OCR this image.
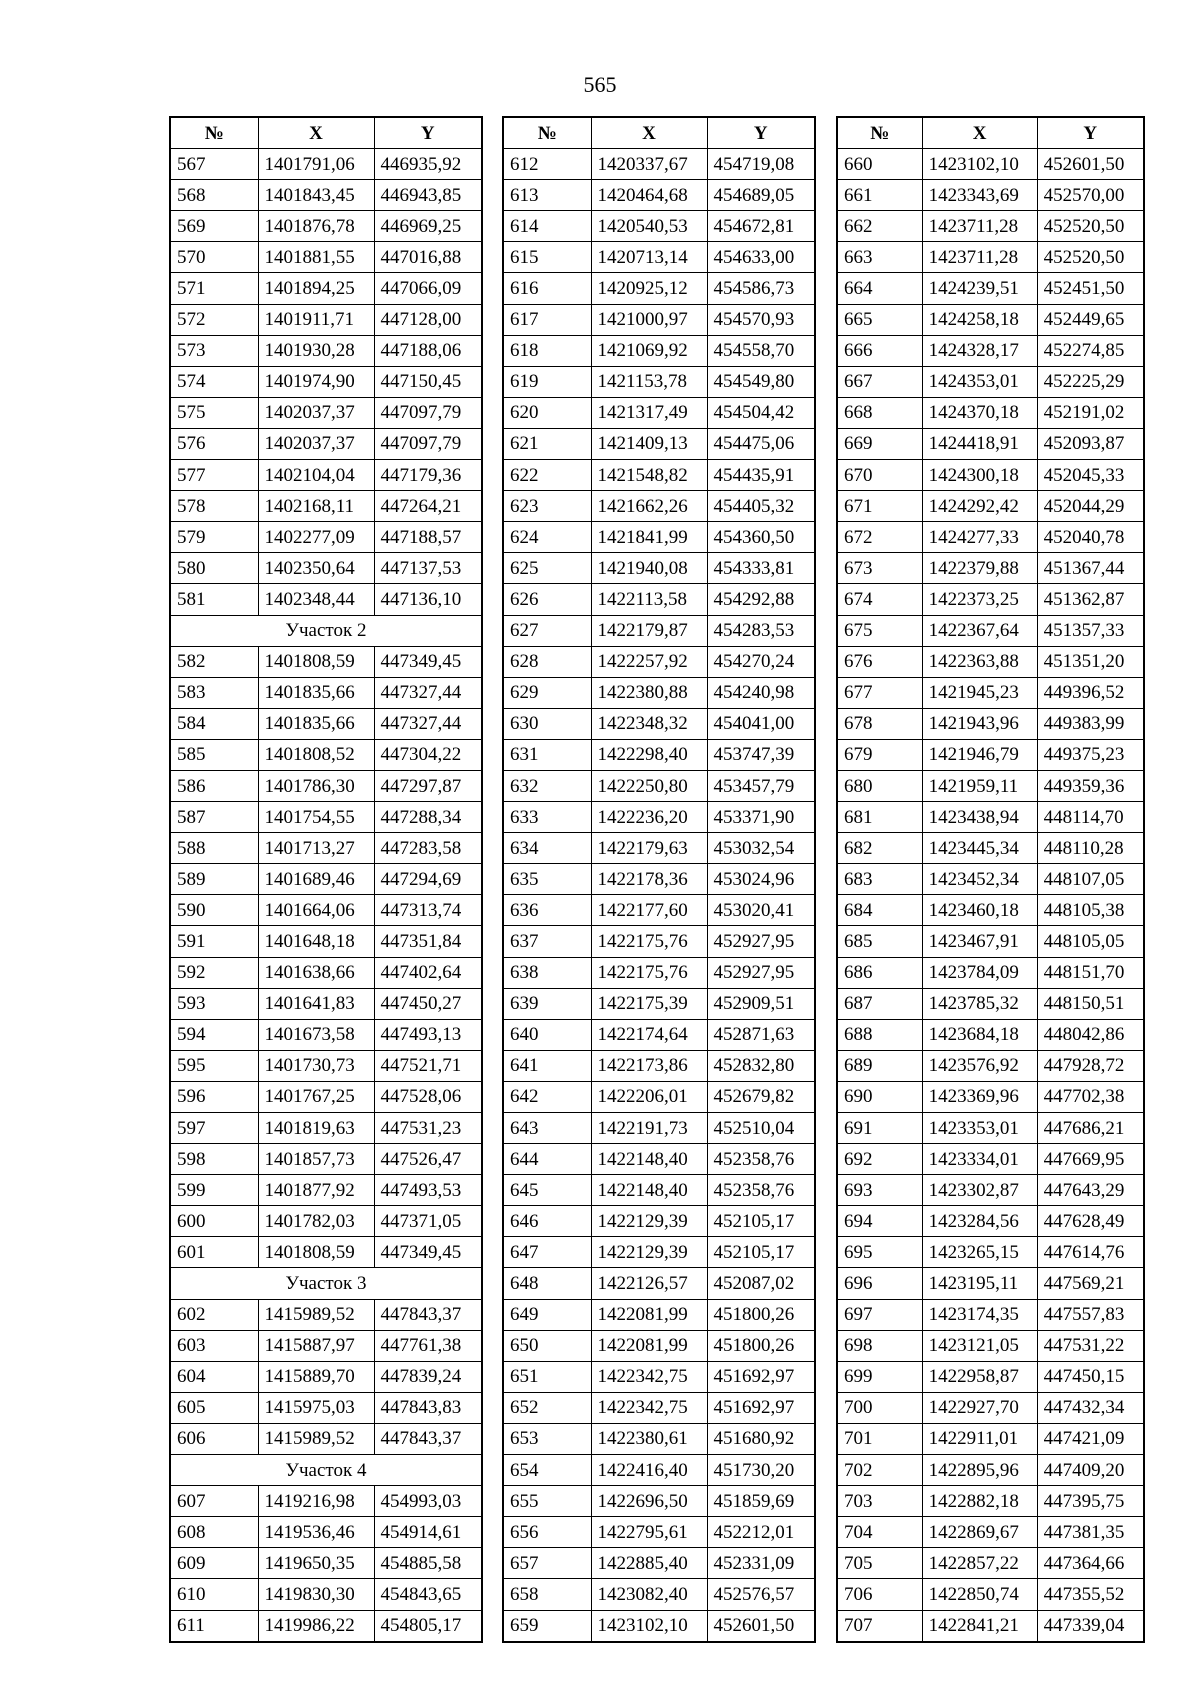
565
№	X	Y
567	1401791,06	446935,92
568	1401843,45	446943,85
569	1401876,78	446969,25
570	1401881,55	447016,88
571	1401894,25	447066,09
572	1401911,71	447128,00
573	1401930,28	447188,06
574	1401974,90	447150,45
575	1402037,37	447097,79
576	1402037,37	447097,79
577	1402104,04	447179,36
578	1402168,11	447264,21
579	1402277,09	447188,57
580	1402350,64	447137,53
581	1402348,44	447136,10
Участок 2		
582	1401808,59	447349,45
583	1401835,66	447327,44
584	1401835,66	447327,44
585	1401808,52	447304,22
586	1401786,30	447297,87
587	1401754,55	447288,34
588	1401713,27	447283,58
589	1401689,46	447294,69
590	1401664,06	447313,74
591	1401648,18	447351,84
592	1401638,66	447402,64
593	1401641,83	447450,27
594	1401673,58	447493,13
595	1401730,73	447521,71
596	1401767,25	447528,06
597	1401819,63	447531,23
598	1401857,73	447526,47
599	1401877,92	447493,53
600	1401782,03	447371,05
601	1401808,59	447349,45
Участок 3		
602	1415989,52	447843,37
603	1415887,97	447761,38
604	1415889,70	447839,24
605	1415975,03	447843,83
606	1415989,52	447843,37
Участок 4		
607	1419216,98	454993,03
608	1419536,46	454914,61
609	1419650,35	454885,58
610	1419830,30	454843,65
611	1419986,22	454805,17
№	X	Y
612	1420337,67	454719,08
613	1420464,68	454689,05
614	1420540,53	454672,81
615	1420713,14	454633,00
616	1420925,12	454586,73
617	1421000,97	454570,93
618	1421069,92	454558,70
619	1421153,78	454549,80
620	1421317,49	454504,42
621	1421409,13	454475,06
622	1421548,82	454435,91
623	1421662,26	454405,32
624	1421841,99	454360,50
625	1421940,08	454333,81
626	1422113,58	454292,88
627	1422179,87	454283,53
628	1422257,92	454270,24
629	1422380,88	454240,98
630	1422348,32	454041,00
631	1422298,40	453747,39
632	1422250,80	453457,79
633	1422236,20	453371,90
634	1422179,63	453032,54
635	1422178,36	453024,96
636	1422177,60	453020,41
637	1422175,76	452927,95
638	1422175,76	452927,95
639	1422175,39	452909,51
640	1422174,64	452871,63
641	1422173,86	452832,80
642	1422206,01	452679,82
643	1422191,73	452510,04
644	1422148,40	452358,76
645	1422148,40	452358,76
646	1422129,39	452105,17
647	1422129,39	452105,17
648	1422126,57	452087,02
649	1422081,99	451800,26
650	1422081,99	451800,26
651	1422342,75	451692,97
652	1422342,75	451692,97
653	1422380,61	451680,92
654	1422416,40	451730,20
655	1422696,50	451859,69
656	1422795,61	452212,01
657	1422885,40	452331,09
658	1423082,40	452576,57
659	1423102,10	452601,50
№	X	Y
660	1423102,10	452601,50
661	1423343,69	452570,00
662	1423711,28	452520,50
663	1423711,28	452520,50
664	1424239,51	452451,50
665	1424258,18	452449,65
666	1424328,17	452274,85
667	1424353,01	452225,29
668	1424370,18	452191,02
669	1424418,91	452093,87
670	1424300,18	452045,33
671	1424292,42	452044,29
672	1424277,33	452040,78
673	1422379,88	451367,44
674	1422373,25	451362,87
675	1422367,64	451357,33
676	1422363,88	451351,20
677	1421945,23	449396,52
678	1421943,96	449383,99
679	1421946,79	449375,23
680	1421959,11	449359,36
681	1423438,94	448114,70
682	1423445,34	448110,28
683	1423452,34	448107,05
684	1423460,18	448105,38
685	1423467,91	448105,05
686	1423784,09	448151,70
687	1423785,32	448150,51
688	1423684,18	448042,86
689	1423576,92	447928,72
690	1423369,96	447702,38
691	1423353,01	447686,21
692	1423334,01	447669,95
693	1423302,87	447643,29
694	1423284,56	447628,49
695	1423265,15	447614,76
696	1423195,11	447569,21
697	1423174,35	447557,83
698	1423121,05	447531,22
699	1422958,87	447450,15
700	1422927,70	447432,34
701	1422911,01	447421,09
702	1422895,96	447409,20
703	1422882,18	447395,75
704	1422869,67	447381,35
705	1422857,22	447364,66
706	1422850,74	447355,52
707	1422841,21	447339,04
